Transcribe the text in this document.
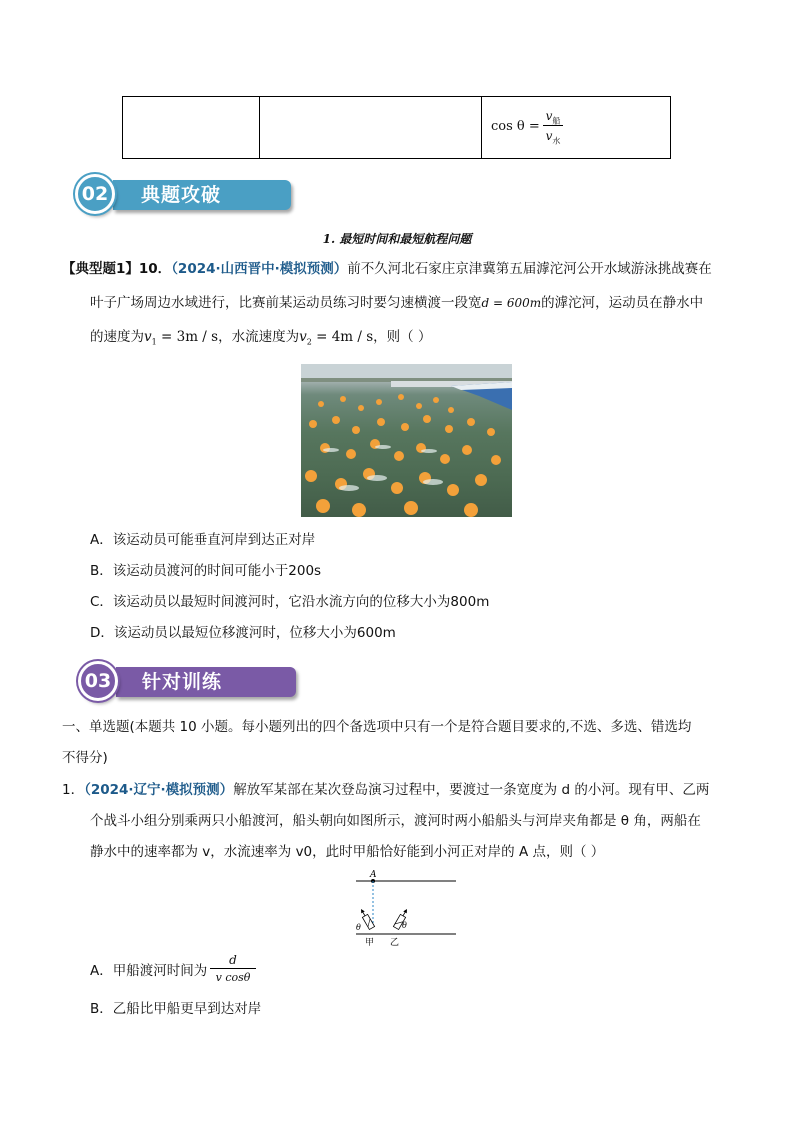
cos θ =
$v_船$
$v_水$
典题攻破
02
1. 最短时间和最短航程问题
【典型题1】10．（2024·山西晋中·模拟预测）前不久河北石家庄京津冀第五届滹沱河公开水域游泳挑战赛在
叶子广场周边水域进行，比赛前某运动员练习时要匀速横渡一段宽d = 600m的滹沱河，运动员在静水中
的速度为$v_1 = 3m / s$，水流速度为$v_2 = 4m / s$，则（ ）
A．该运动员可能垂直河岸到达正对岸
B．该运动员渡河的时间可能小于200s
C．该运动员以最短时间渡河时，它沿水流方向的位移大小为800m
D．该运动员以最短位移渡河时，位移大小为600m
针对训练
03
一、单选题(本题共 10 小题。每小题列出的四个备选项中只有一个是符合题目要求的,不选、多选、错选均
不得分)
1．（2024·辽宁·模拟预测）解放军某部在某次登岛演习过程中，要渡过一条宽度为 d 的小河。现有甲、乙两
个战斗小组分别乘两只小船渡河，船头朝向如图所示，渡河时两小船船头与河岸夹角都是 θ 角，两船在
静水中的速率都为 v，水流速率为 v0，此时甲船恰好能到小河正对岸的 A 点，则（ ）
A
θ	θ
甲 乙
A．甲船渡河时间为
d
v cosθ
B．乙船比甲船更早到达对岸
